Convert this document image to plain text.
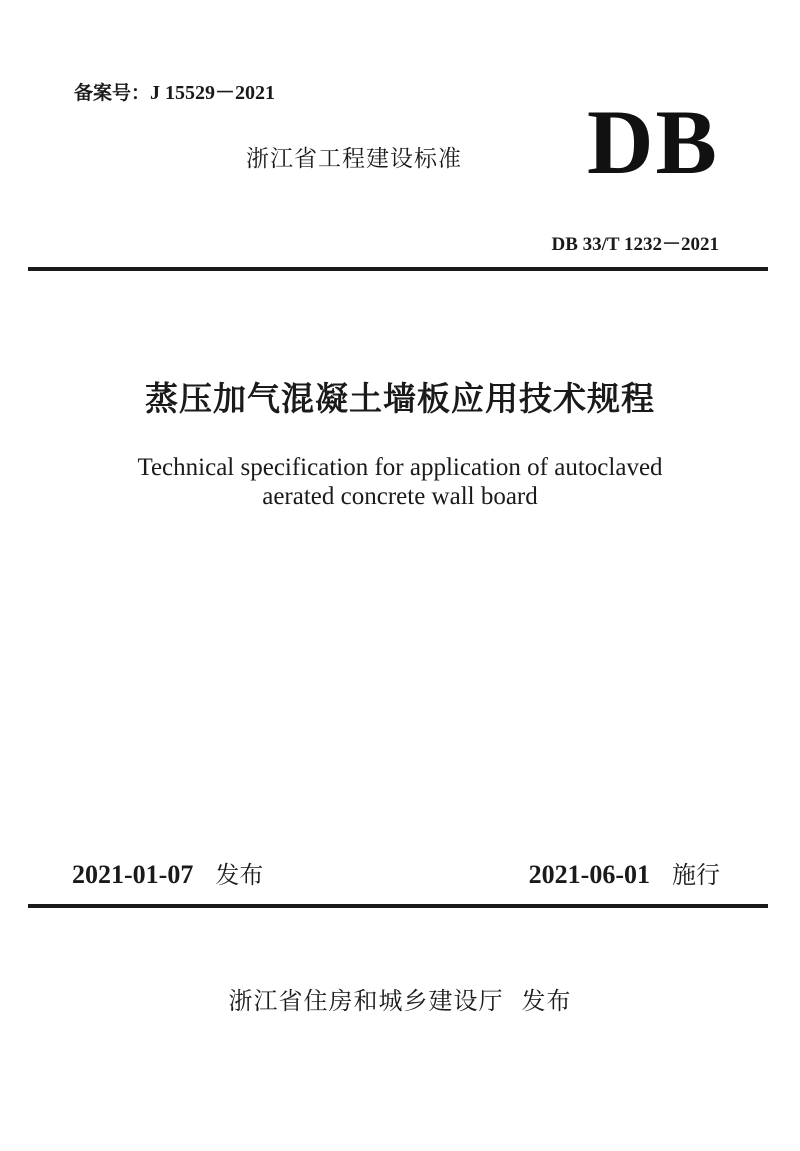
备案号：J 15529－2021
浙江省工程建设标准 DB
DB 33/T 1232－2021
蒸压加气混凝土墙板应用技术规程
Technical specification for application of autoclaved
aerated concrete wall board
2021-01-07 发布	2021-06-01 施行
浙江省住房和城乡建设厅 发布
